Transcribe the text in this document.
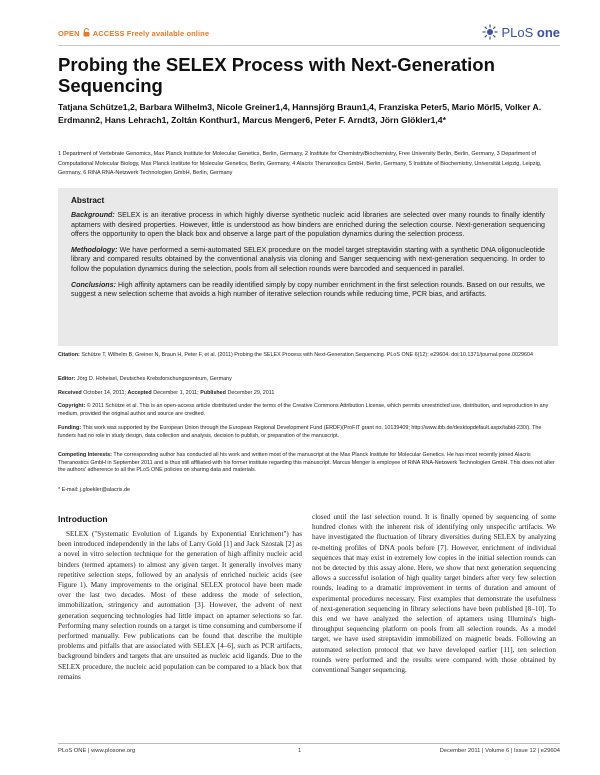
OPEN ACCESS Freely available online	PLoS one
Probing the SELEX Process with Next-Generation Sequencing
Tatjana Schütze1,2, Barbara Wilhelm3, Nicole Greiner1,4, Hannsjörg Braun1,4, Franziska Peter5, Mario Mörl5, Volker A. Erdmann2, Hans Lehrach1, Zoltán Konthur1, Marcus Menger6, Peter F. Arndt3, Jörn Glökler1,4*
1 Department of Vertebrate Genomics, Max Planck Institute for Molecular Genetics, Berlin, Germany, 2 Institute for Chemistry/Biochemistry, Free University Berlin, Berlin, Germany, 3 Department of Computational Molecular Biology, Max Planck Institute for Molecular Genetics, Berlin, Germany, 4 Alacris Theranostics GmbH, Berlin, Germany, 5 Institute of Biochemistry, Universität Leipzig, Leipzig, Germany, 6 RiNA RNA-Netzwerk Technologien GmbH, Berlin, Germany
Abstract

Background: SELEX is an iterative process in which highly diverse synthetic nucleic acid libraries are selected over many rounds to finally identify aptamers with desired properties. However, little is understood as how binders are enriched during the selection course. Next-generation sequencing offers the opportunity to open the black box and observe a large part of the population dynamics during the selection process.

Methodology: We have performed a semi-automated SELEX procedure on the model target streptavidin starting with a synthetic DNA oligonucleotide library and compared results obtained by the conventional analysis via cloning and Sanger sequencing with next-generation sequencing. In order to follow the population dynamics during the selection, pools from all selection rounds were barcoded and sequenced in parallel.

Conclusions: High affinity aptamers can be readily identified simply by copy number enrichment in the first selection rounds. Based on our results, we suggest a new selection scheme that avoids a high number of iterative selection rounds while reducing time, PCR bias, and artifacts.

Citation: Schütze T, Wilhelm B, Greiner N, Braun H, Peter F, et al. (2011) Probing the SELEX Process with Next-Generation Sequencing. PLoS ONE 6(12): e29604. doi:10.1371/journal.pone.0029604
Editor: Jörg D. Hoheisel, Deutsches Krebsforschungszentrum, Germany
Received October 14, 2011; Accepted December 1, 2011; Published December 29, 2011
Copyright: © 2011 Schütze et al. This is an open-access article distributed under the terms of the Creative Commons Attribution License, which permits unrestricted use, distribution, and reproduction in any medium, provided the original author and source are credited.
Funding: This work was supported by the European Union through the European Regional Development Fund (ERDF)(ProFIT grant no. 10139409; http://www.ibb.de/desktopdefault.aspx/tabid-230/). The funders had no role in study design, data collection and analysis, decision to publish, or preparation of the manuscript.
Competing Interests: The corresponding author has conducted all his work and written most of the manuscript at the Max Planck Institute for Molecular Genetics. He has most recently joined Alacris Theranostics GmbH in September 2011 and is thus still affiliated with his former institute regarding this manuscript. Marcus Menger is employee of RiNA RNA-Netzwerk Technologien GmbH. This does not alter the authors' adherence to all the PLoS ONE policies on sharing data and materials.
* E-mail: j.gloekler@alacris.de
Introduction
SELEX ("Systematic Evolution of Ligands by Exponential Enrichment") has been introduced independently in the labs of Larry Gold [1] and Jack Szostak [2] as a novel in vitro selection technique for the generation of high affinity nucleic acid binders (termed aptamers) to almost any given target. It generally involves many repetitive selection steps, followed by an analysis of enriched nucleic acids (see Figure 1). Many improvements to the original SELEX protocol have been made over the last two decades. Most of these address the mode of selection, immobilization, stringency and automation [3]. However, the advent of next generation sequencing technologies had little impact on aptamer selections so far. Performing many selection rounds on a target is time consuming and cumbersome if performed manually. Few publications can be found that describe the multiple problems and pitfalls that are associated with SELEX [4–6], such as PCR artifacts, background binders and targets that are unsuited as nucleic acid ligands. Due to the SELEX procedure, the nucleic acid population can be compared to a black box that remains
closed until the last selection round. It is finally opened by sequencing of some hundred clones with the inherent risk of identifying only unspecific artifacts. We have investigated the fluctuation of library diversities during SELEX by analyzing re-melting profiles of DNA pools before [7]. However, enrichment of individual sequences that may exist in extremely low copies in the initial selection rounds can not be detected by this assay alone. Here, we show that next generation sequencing allows a successful isolation of high quality target binders after very few selection rounds, leading to a dramatic improvement in terms of duration and amount of experimental procedures necessary. First examples that demonstrate the usefulness of next-generation sequencing in library selections have been published [8–10]. To this end we have analyzed the selection of aptamers using Illumina's high-throughput sequencing platform on pools from all selection rounds. As a model target, we have used streptavidin immobilized on magnetic beads. Following an automated selection protocol that we have developed earlier [11], ten selection rounds were performed and the results were compared with those obtained by conventional Sanger sequencing.
PLoS ONE | www.plosone.org	1	December 2011 | Volume 6 | Issue 12 | e29604
